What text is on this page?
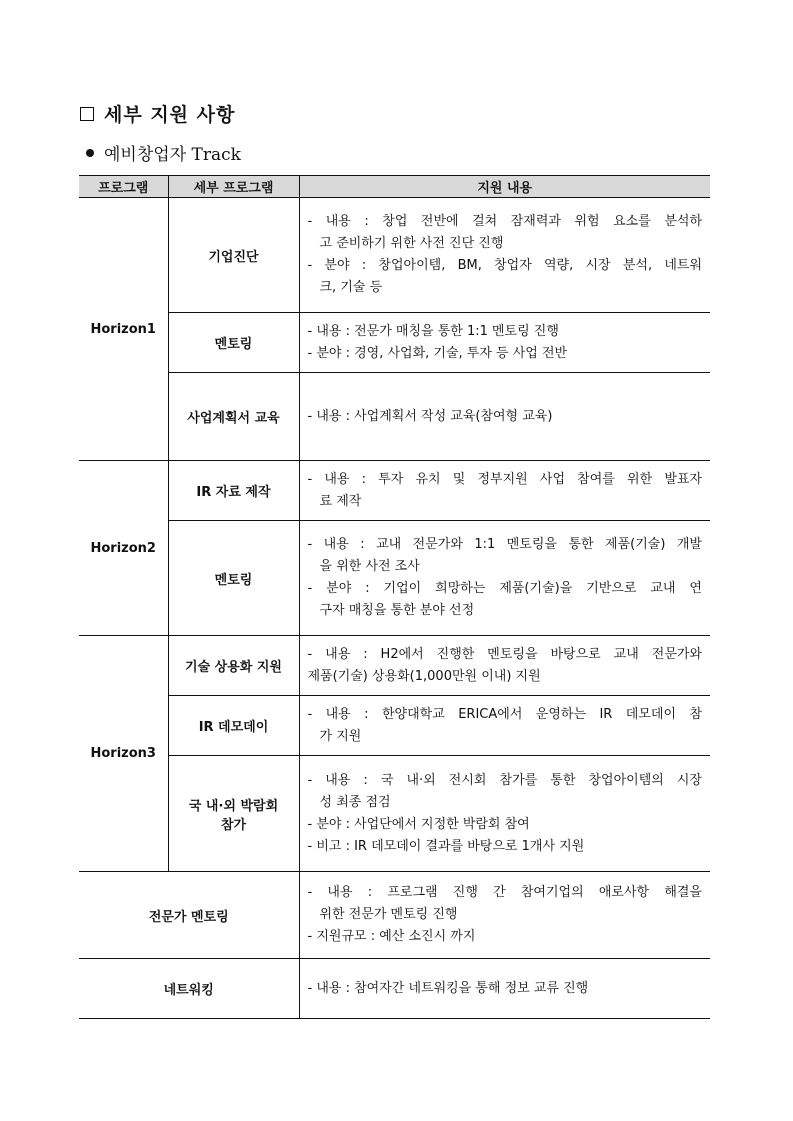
세부 지원 사항
예비창업자 Track
프로그램	세부 프로그램	지원 내용
Horizon1	기업진단	- 내용 : 창업 전반에 걸쳐 잠재력과 위험 요소를 분석하
고 준비하기 위한 사전 진단 진행
- 분야 : 창업아이템, BM, 창업자 역량, 시장 분석, 네트워
크, 기술 등

	멘토링	- 내용 : 전문가 매칭을 통한 1:1 멘토링 진행
- 분야 : 경영, 사업화, 기술, 투자 등 사업 전반

	사업계획서 교육	- 내용 : 사업계획서 작성 교육(참여형 교육)

Horizon2	IR 자료 제작	- 내용 : 투자 유치 및 정부지원 사업 참여를 위한 발표자
료 제작

	멘토링	- 내용 : 교내 전문가와 1:1 멘토링을 통한 제품(기술) 개발
을 위한 사전 조사
- 분야 : 기업이 희망하는 제품(기술)을 기반으로 교내 연
구자 매칭을 통한 분야 선정

Horizon3	기술 상용화 지원	- 내용 : H2에서 진행한 멘토링을 바탕으로 교내 전문가와
제품(기술) 상용화(1,000만원 이내) 지원

	IR 데모데이	- 내용 : 한양대학교 ERICA에서 운영하는 IR 데모데이 참
가 지원

	국 내·외 박람회
참가	- 내용 : 국 내·외 전시회 참가를 통한 창업아이템의 시장
성 최종 점검
- 분야 : 사업단에서 지정한 박람회 참여
- 비고 : IR 데모데이 결과를 바탕으로 1개사 지원

전문가 멘토링		- 내용 : 프로그램 진행 간 참여기업의 애로사항 해결을
위한 전문가 멘토링 진행
- 지원규모 : 예산 소진시 까지

네트워킹		- 내용 : 참여자간 네트워킹을 통해 정보 교류 진행
